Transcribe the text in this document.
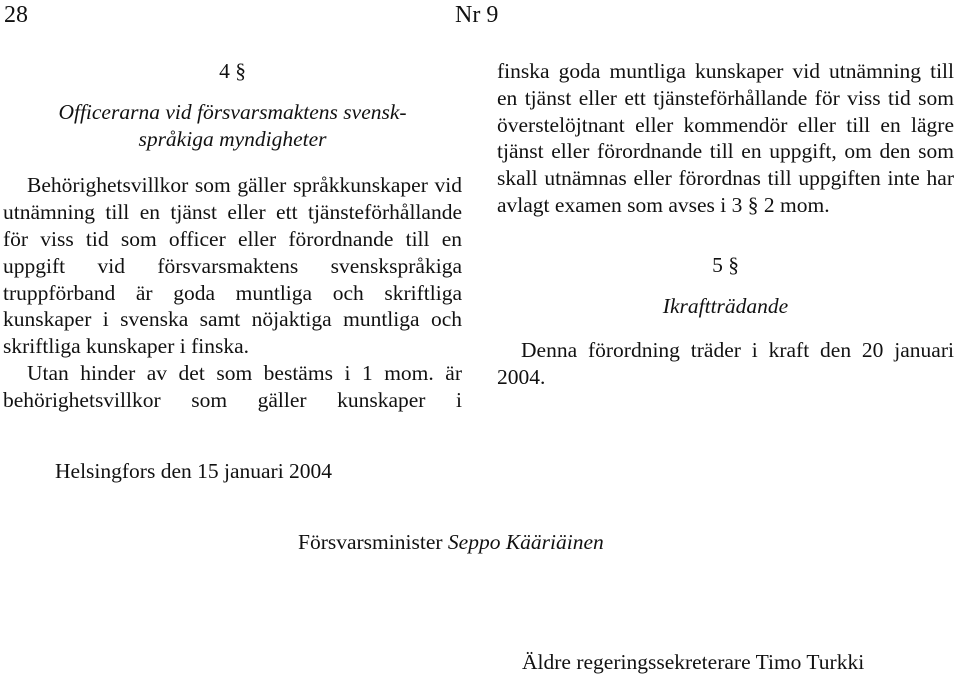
28	Nr 9

4 §

Officerarna vid försvarsmaktens svensk-
språkiga myndigheter

Behörighetsvillkor som gäller språkkunskaper vid utnämning till en tjänst eller ett tjänsteförhållande för viss tid som officer eller förordnande till en uppgift vid försvarsmaktens svenskspråkiga truppförband är goda muntliga och skriftliga kunskaper i svenska samt nöjaktiga muntliga och skriftliga kunskaper i finska.

Utan hinder av det som bestäms i 1 mom. är behörighetsvillkor som gäller kunskaper i

finska goda muntliga kunskaper vid utnämning till en tjänst eller ett tjänsteförhållande för viss tid som överstelöjtnant eller kommendör eller till en lägre tjänst eller förordnande till en uppgift, om den som skall utnämnas eller förordnas till uppgiften inte har avlagt examen som avses i 3 § 2 mom.

5 §

Ikraftträdande

Denna förordning träder i kraft den 20 januari 2004.

Helsingfors den 15 januari 2004
Försvarsminister Seppo Kääriäinen
Äldre regeringssekreterare Timo Turkki
